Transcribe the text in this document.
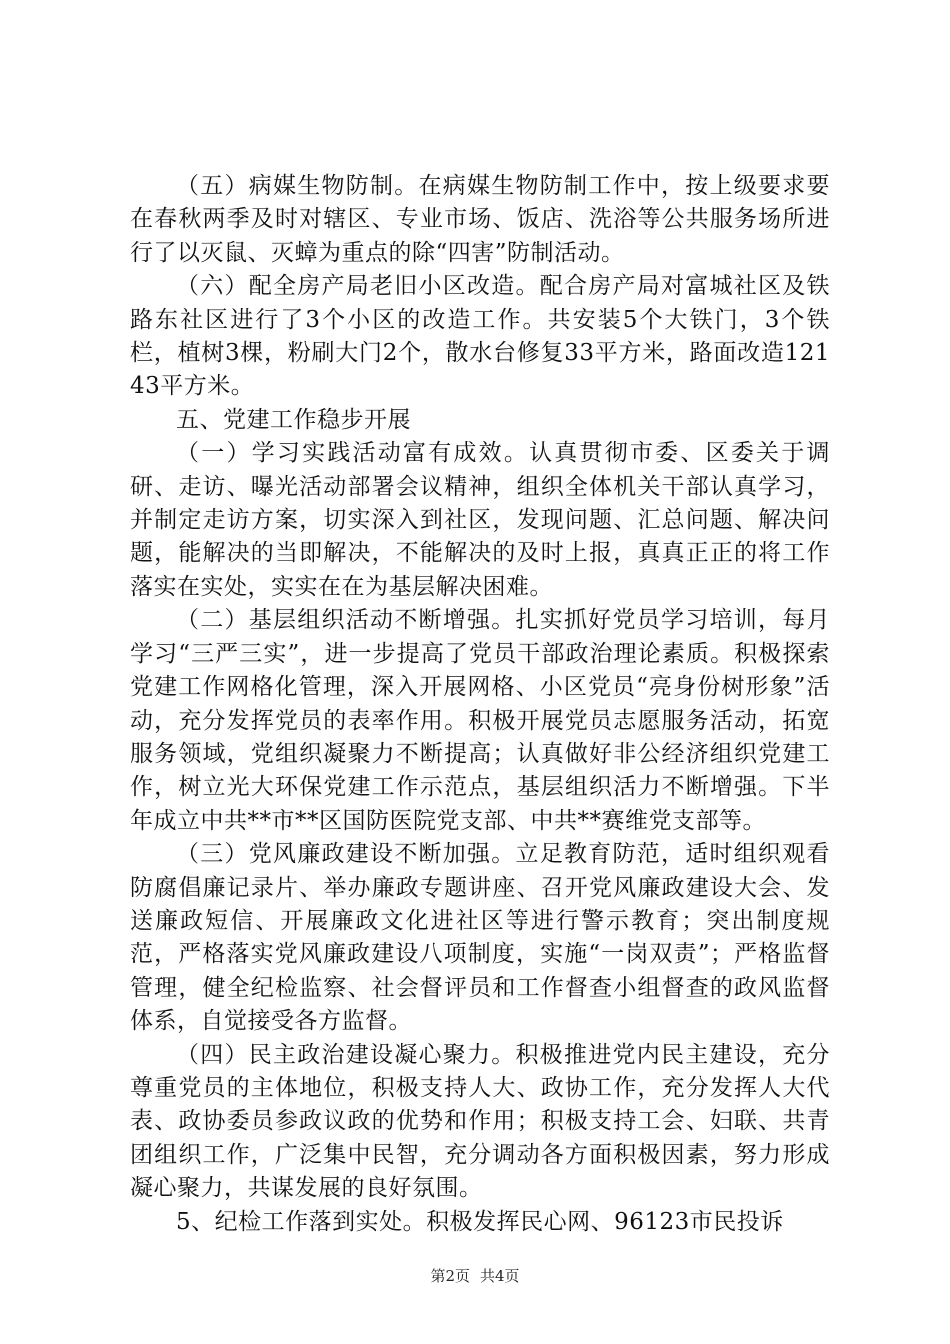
（五）病媒生物防制。在病媒生物防制工作中，按上级要求要在春秋两季及时对辖区、专业市场、饭店、洗浴等公共服务场所进行了以灭鼠、灭蟑为重点的除“四害”防制活动。

（六）配全房产局老旧小区改造。配合房产局对富城社区及铁路东社区进行了3个小区的改造工作。共安装5个大铁门，3个铁栏，植树3棵，粉刷大门2个，散水台修复33平方米，路面改造12143平方米。

五、党建工作稳步开展

（一）学习实践活动富有成效。认真贯彻市委、区委关于调研、走访、曝光活动部署会议精神，组织全体机关干部认真学习，并制定走访方案，切实深入到社区，发现问题、汇总问题、解决问题，能解决的当即解决，不能解决的及时上报，真真正正的将工作落实在实处，实实在在为基层解决困难。

（二）基层组织活动不断增强。扎实抓好党员学习培训，每月学习“三严三实”，进一步提高了党员干部政治理论素质。积极探索党建工作网格化管理，深入开展网格、小区党员“亮身份树形象”活动，充分发挥党员的表率作用。积极开展党员志愿服务活动，拓宽服务领域，党组织凝聚力不断提高；认真做好非公经济组织党建工作，树立光大环保党建工作示范点，基层组织活力不断增强。下半年成立中共**市**区国防医院党支部、中共**赛维党支部等。

（三）党风廉政建设不断加强。立足教育防范，适时组织观看防腐倡廉记录片、举办廉政专题讲座、召开党风廉政建设大会、发送廉政短信、开展廉政文化进社区等进行警示教育；突出制度规范，严格落实党风廉政建设八项制度，实施“一岗双责”；严格监督管理，健全纪检监察、社会督评员和工作督查小组督查的政风监督体系，自觉接受各方监督。

（四）民主政治建设凝心聚力。积极推进党内民主建设，充分尊重党员的主体地位，积极支持人大、政协工作，充分发挥人大代表、政协委员参政议政的优势和作用；积极支持工会、妇联、共青团组织工作，广泛集中民智，充分调动各方面积极因素，努力形成凝心聚力，共谋发展的良好氛围。

5、纪检工作落到实处。积极发挥民心网、96123市民投诉

第2页 共4页
